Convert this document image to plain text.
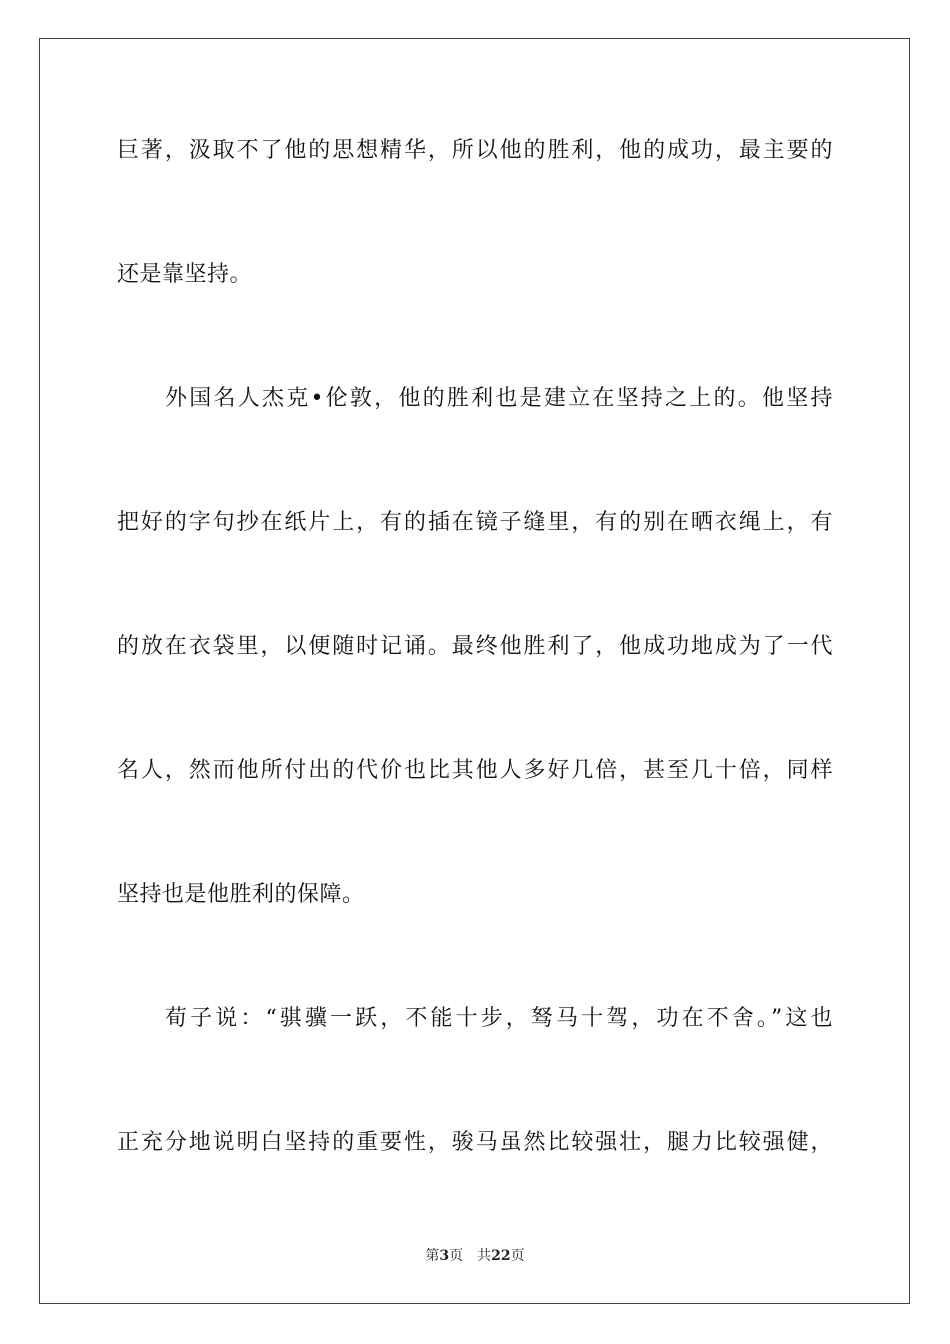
巨著，汲取不了他的思想精华，所以他的胜利，他的成功，最主要的
还是靠坚持。
外国名人杰克•伦敦，他的胜利也是建立在坚持之上的。他坚持
把好的字句抄在纸片上，有的插在镜子缝里，有的别在晒衣绳上，有
的放在衣袋里，以便随时记诵。最终他胜利了，他成功地成为了一代
名人，然而他所付出的代价也比其他人多好几倍，甚至几十倍，同样
坚持也是他胜利的保障。
荀子说：“骐骥一跃，不能十步，驽马十驾，功在不舍。”这也
正充分地说明白坚持的重要性，骏马虽然比较强壮，腿力比较强健，
第3页 共22页
